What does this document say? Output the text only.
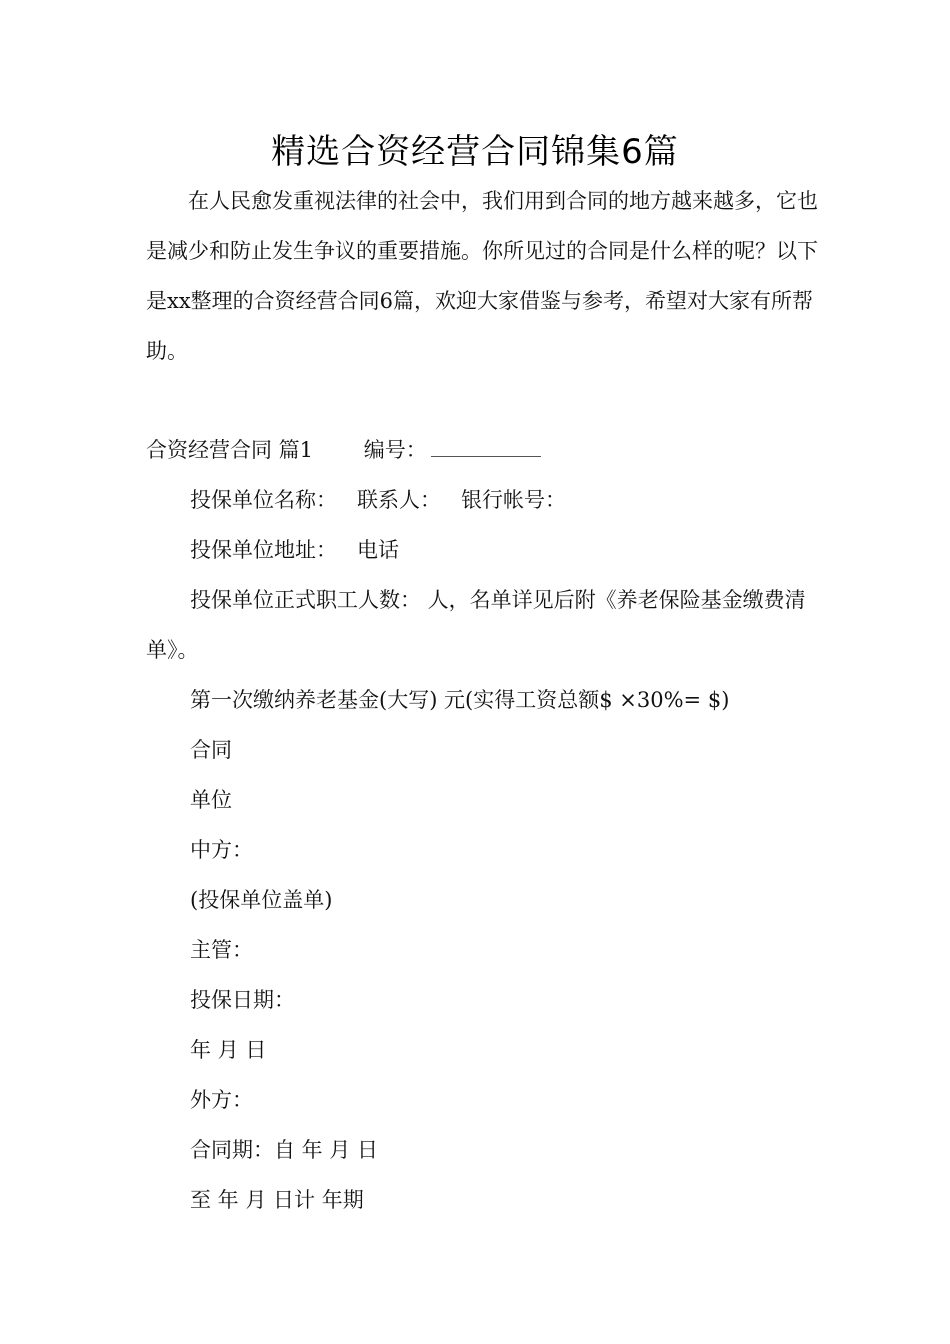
精选合资经营合同锦集6篇

在人民愈发重视法律的社会中，我们用到合同的地方越来越多，它也是减少和防止发生争议的重要措施。你所见过的合同是什么样的呢？以下是xx整理的合资经营合同6篇，欢迎大家借鉴与参考，希望对大家有所帮助。

合资经营合同 篇1 编号：

投保单位名称： 联系人： 银行帐号：

投保单位地址： 电话

投保单位正式职工人数： 人，名单详见后附《养老保险基金缴费清单》。

第一次缴纳养老基金(大写) 元(实得工资总额$ ×30%= $)

合同

单位

中方：

(投保单位盖单)

主管：

投保日期：

年 月 日

外方：

合同期：自 年 月 日

至 年 月 日计 年期
